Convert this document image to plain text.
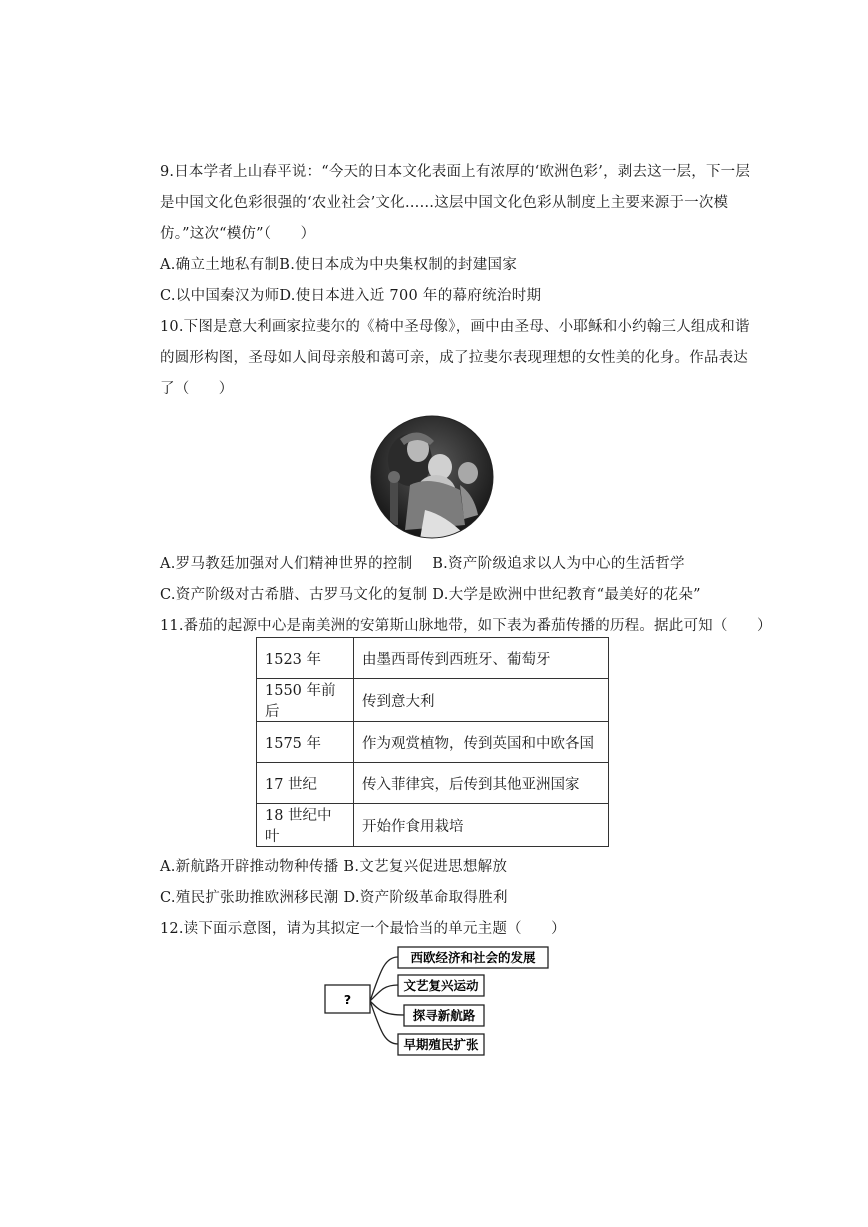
9.日本学者上山春平说：“今天的日本文化表面上有浓厚的‘欧洲色彩’，剥去这一层，下一层
是中国文化色彩很强的‘农业社会’文化……这层中国文化色彩从制度上主要来源于一次模
仿。”这次“模仿”（　　）
A.确立土地私有制B.使日本成为中央集权制的封建国家
C.以中国秦汉为师D.使日本进入近 700 年的幕府统治时期
10.下图是意大利画家拉斐尔的《椅中圣母像》，画中由圣母、小耶稣和小约翰三人组成和谐
的圆形构图，圣母如人间母亲般和蔼可亲，成了拉斐尔表现理想的女性美的化身。作品表达
了（　　）
A.罗马教廷加强对人们精神世界的控制　 B.资产阶级追求以人为中心的生活哲学
C.资产阶级对古希腊、古罗马文化的复制 D.大学是欧洲中世纪教育“最美好的花朵”
11.番茄的起源中心是南美洲的安第斯山脉地带，如下表为番茄传播的历程。据此可知（　　）
1523 年	由墨西哥传到西班牙、葡萄牙
1550 年前后	传到意大利
1575 年	作为观赏植物，传到英国和中欧各国
17 世纪	传入菲律宾，后传到其他亚洲国家
18 世纪中叶	开始作食用栽培
A.新航路开辟推动物种传播 B.文艺复兴促进思想解放
C.殖民扩张助推欧洲移民潮 D.资产阶级革命取得胜利
12.读下面示意图，请为其拟定一个最恰当的单元主题（　　）
?
西欧经济和社会的发展
文艺复兴运动
探寻新航路
早期殖民扩张
